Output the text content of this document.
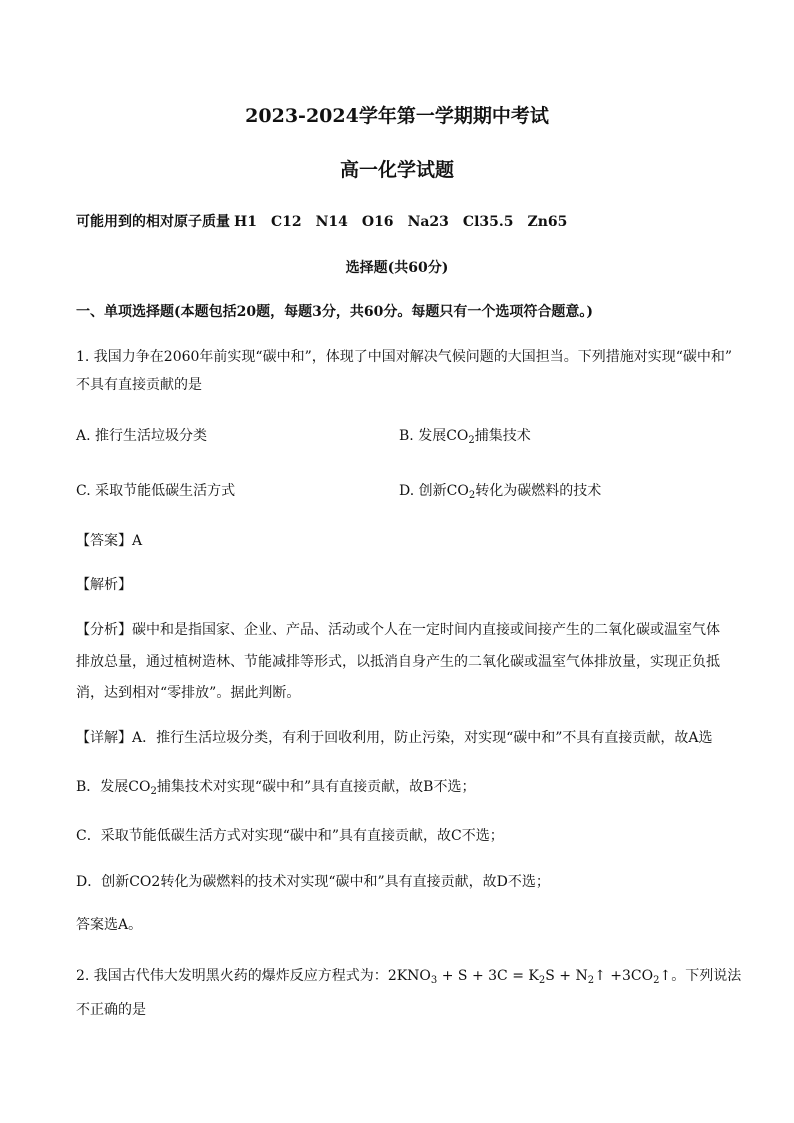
2023-2024学年第一学期期中考试
高一化学试题
可能用到的相对原子质量 H1 C12 N14 O16 Na23 Cl35.5 Zn65
选择题(共60分)
一、单项选择题(本题包括20题，每题3分，共60分。每题只有一个选项符合题意。)
1. 我国力争在2060年前实现“碳中和”，体现了中国对解决气候问题的大国担当。下列措施对实现“碳中和”
不具有直接贡献的是
A. 推行生活垃圾分类	B. 发展$CO_2$捕集技术
C. 采取节能低碳生活方式	D. 创新$CO_2$转化为碳燃料的技术
【答案】A
【解析】
【分析】碳中和是指国家、企业、产品、活动或个人在一定时间内直接或间接产生的二氧化碳或温室气体
排放总量，通过植树造林、节能减排等形式，以抵消自身产生的二氧化碳或温室气体排放量，实现正负抵
消，达到相对“零排放”。据此判断。
【详解】A．推行生活垃圾分类，有利于回收利用，防止污染，对实现“碳中和”不具有直接贡献，故A选
B．发展$CO_2$捕集技术对实现“碳中和”具有直接贡献，故B不选；
C．采取节能低碳生活方式对实现“碳中和”具有直接贡献，故C不选；
D．创新CO2转化为碳燃料的技术对实现“碳中和”具有直接贡献，故D不选；
答案选A。
2. 我国古代伟大发明黑火药的爆炸反应方程式为：$2KNO_3 + S + 3C = K_2S$ + $N_2↑$ $+3CO_2↑$。下列说法
不正确的是
